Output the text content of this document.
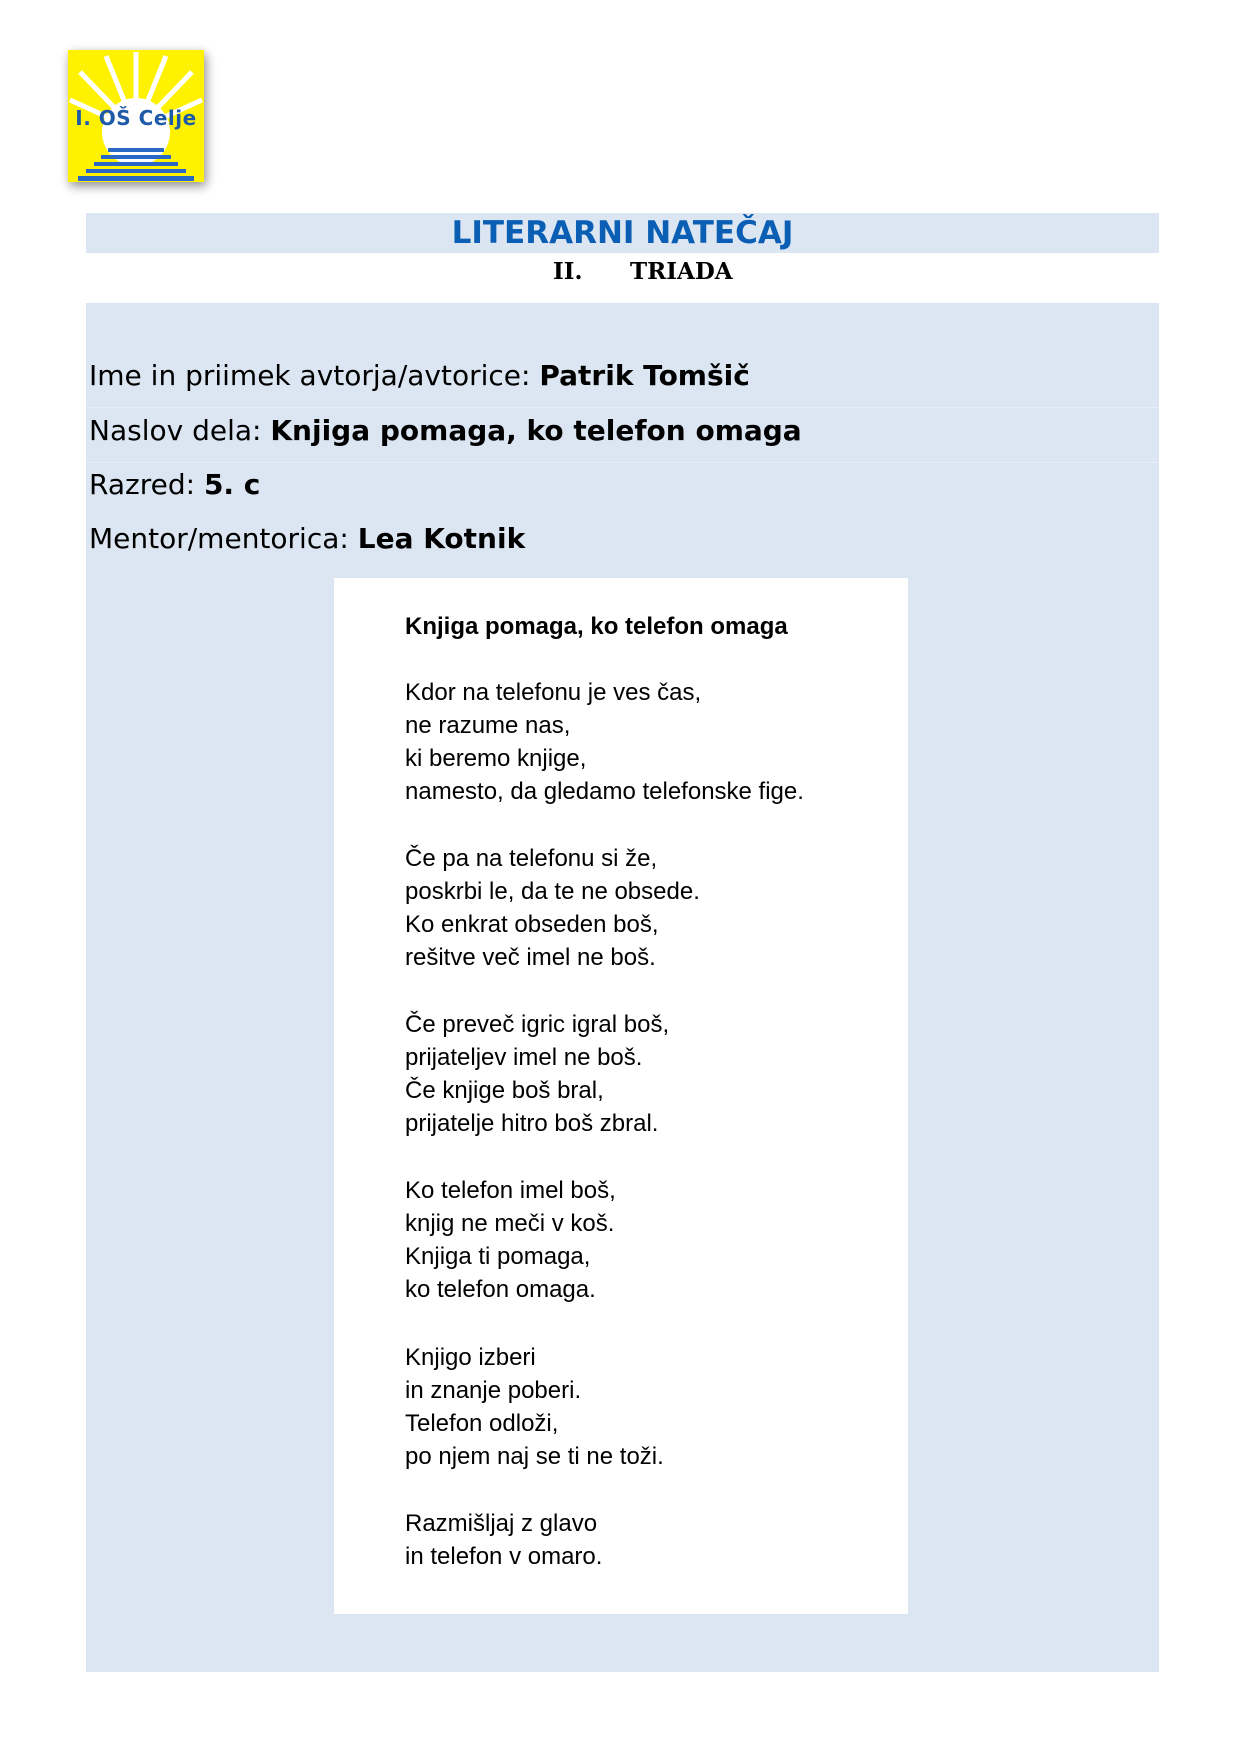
I. OŠ Celje
LITERARNI NATEČAJ
II. TRIADA
Ime in priimek avtorja/avtorice: Patrik Tomšič
Naslov dela: Knjiga pomaga, ko telefon omaga
Razred: 5. c
Mentor/mentorica: Lea Kotnik
Knjiga pomaga, ko telefon omaga
Kdor na telefonu je ves čas,
ne razume nas,
ki beremo knjige,
namesto, da gledamo telefonske fige.
Če pa na telefonu si že,
poskrbi le, da te ne obsede.
Ko enkrat obseden boš,
rešitve več imel ne boš.
Če preveč igric igral boš,
prijateljev imel ne boš.
Če knjige boš bral,
prijatelje hitro boš zbral.
Ko telefon imel boš,
knjig ne meči v koš.
Knjiga ti pomaga,
ko telefon omaga.
Knjigo izberi
in znanje poberi.
Telefon odloži,
po njem naj se ti ne toži.
Razmišljaj z glavo
in telefon v omaro.
